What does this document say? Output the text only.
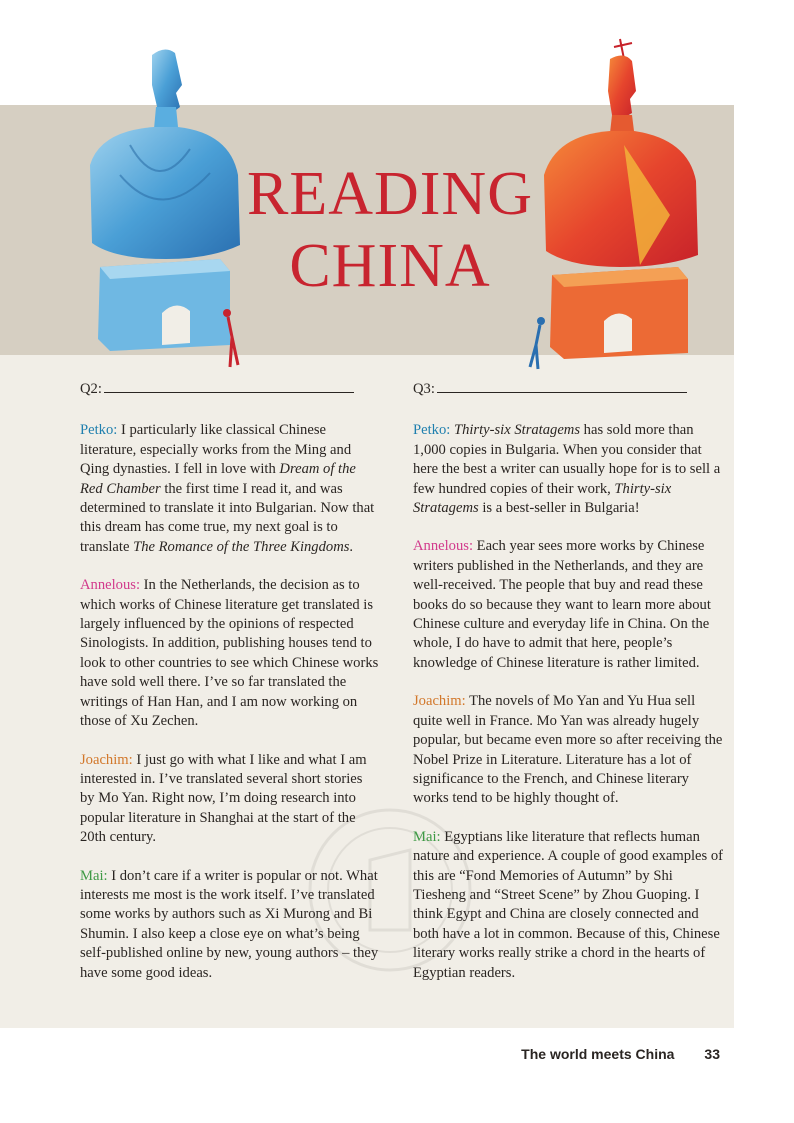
READING
CHINA

Q2:

Petko: I particularly like classical Chinese literature, especially works from the Ming and Qing dynasties. I fell in love with Dream of the Red Chamber the first time I read it, and was determined to translate it into Bulgarian. Now that this dream has come true, my next goal is to translate The Romance of the Three Kingdoms.

Annelous: In the Netherlands, the decision as to which works of Chinese literature get translated is largely influenced by the opinions of respected Sinologists. In addition, publishing houses tend to look to other countries to see which Chinese works have sold well there. I’ve so far translated the writings of Han Han, and I am now working on those of Xu Zechen.

Joachim: I just go with what I like and what I am interested in. I’ve translated several short stories by Mo Yan. Right now, I’m doing research into popular literature in Shanghai at the start of the 20th century.

Mai: I don’t care if a writer is popular or not. What interests me most is the work itself. I’ve translated some works by authors such as Xi Murong and Bi Shumin. I also keep a close eye on what’s being self-published online by new, young authors – they have some good ideas.

Q3:

Petko: Thirty-six Stratagems has sold more than 1,000 copies in Bulgaria. When you consider that here the best a writer can usually hope for is to sell a few hundred copies of their work, Thirty-six Stratagems is a best-seller in Bulgaria!

Annelous: Each year sees more works by Chinese writers published in the Netherlands, and they are well-received. The people that buy and read these books do so because they want to learn more about Chinese culture and everyday life in China. On the whole, I do have to admit that here, people’s knowledge of Chinese literature is rather limited.

Joachim: The novels of Mo Yan and Yu Hua sell quite well in France. Mo Yan was already hugely popular, but became even more so after receiving the Nobel Prize in Literature. Literature has a lot of significance to the French, and Chinese literary works tend to be highly thought of.

Mai: Egyptians like literature that reflects human nature and experience. A couple of good examples of this are “Fond Memories of Autumn” by Shi Tiesheng and “Street Scene” by Zhou Guoping. I think Egypt and China are closely connected and both have a lot in common. Because of this, Chinese literary works really strike a chord in the hearts of Egyptian readers.

The world meets China 33
